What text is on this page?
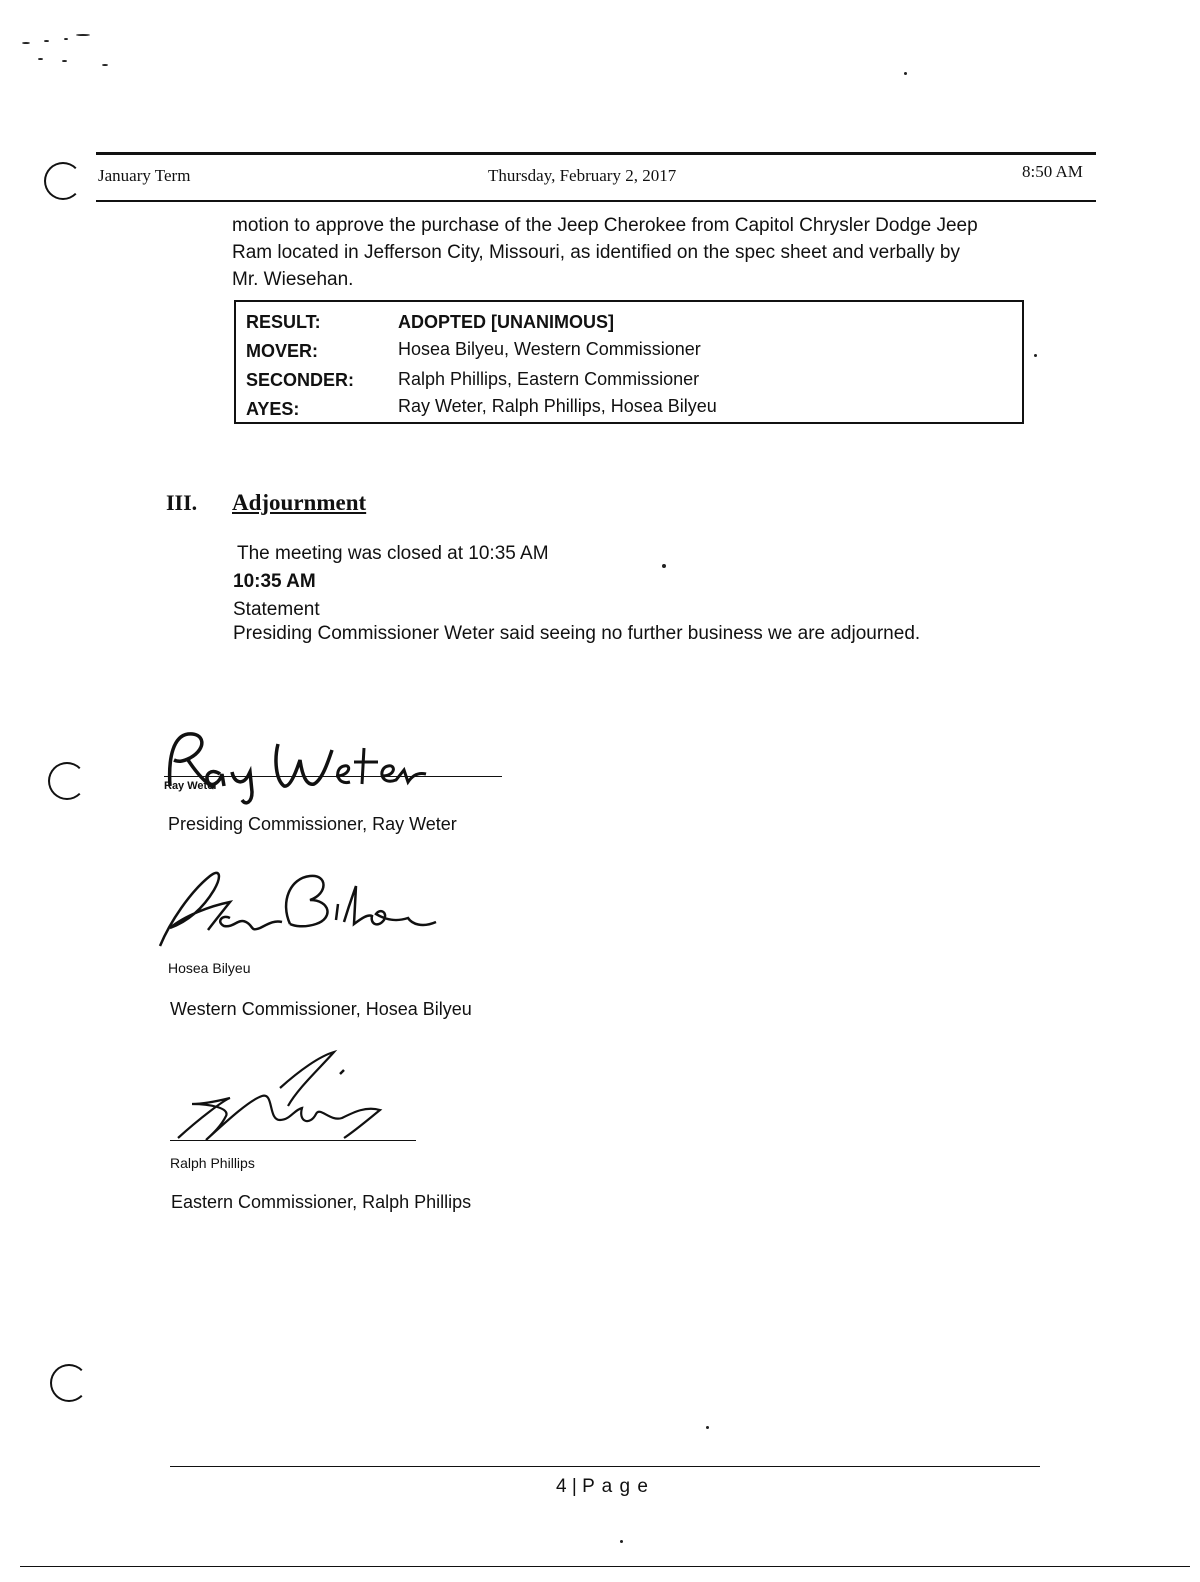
January Term	Thursday, February 2, 2017	8:50 AM
motion to approve the purchase of the Jeep Cherokee from Capitol Chrysler Dodge Jeep
Ram located in Jefferson City, Missouri, as identified on the spec sheet and verbally by
Mr. Wiesehan.
RESULT:	ADOPTED [UNANIMOUS]
MOVER:	Hosea Bilyeu, Western Commissioner
SECONDER: Ralph Phillips, Eastern Commissioner
AYES:	Ray Weter, Ralph Phillips, Hosea Bilyeu
III. Adjournment
The meeting was closed at 10:35 AM
10:35 AM
Statement
Presiding Commissioner Weter said seeing no further business we are adjourned.
Ray Weter
Presiding Commissioner, Ray Weter
Hosea Bilyeu
Western Commissioner, Hosea Bilyeu
Ralph Phillips
Eastern Commissioner, Ralph Phillips
4 | P a g e
